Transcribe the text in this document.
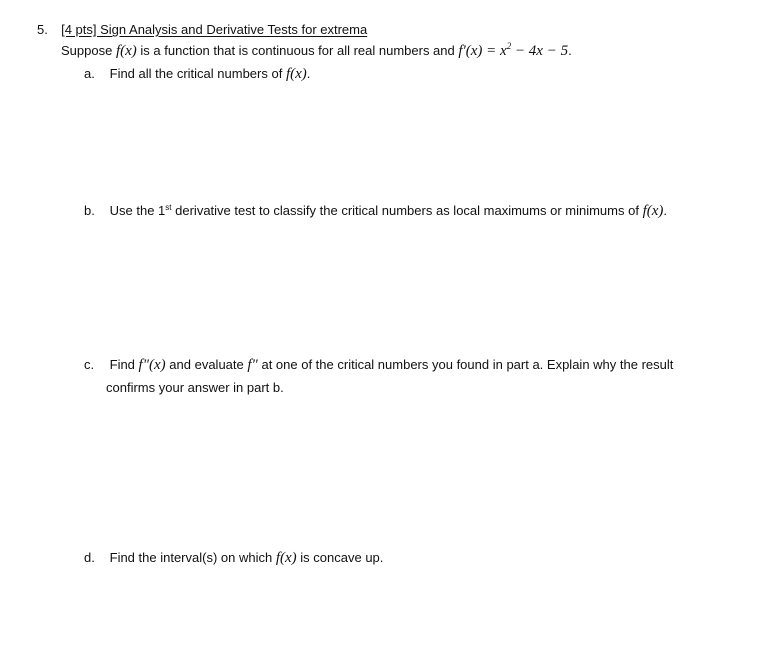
5. [4 pts] Sign Analysis and Derivative Tests for extrema
Suppose f(x) is a function that is continuous for all real numbers and $f'(x) = x^2 - 4x - 5$.
a. Find all the critical numbers of f(x).
b. Use the 1st derivative test to classify the critical numbers as local maximums or minimums of f(x).
c. Find f"(x) and evaluate f" at one of the critical numbers you found in part a. Explain why the result
confirms your answer in part b.
d. Find the interval(s) on which f(x) is concave up.
